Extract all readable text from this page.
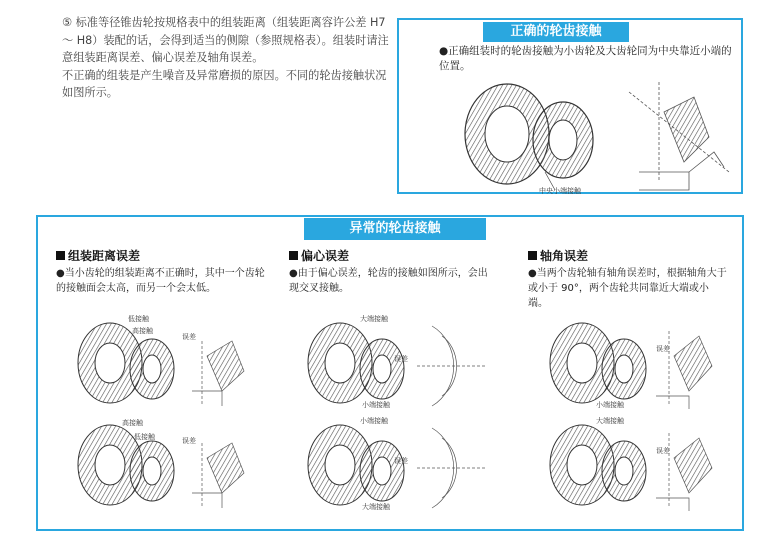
⑤ 标准等径锥齿轮按规格表中的组装距离（组装距离容许公差 H7 ～ H8）装配的话，会得到适当的侧隙（参照规格表）。组装时请注意组装距离误差、偏心误差及轴角误差。

不正确的组装是产生噪音及异常磨损的原因。不同的轮齿接触状况如图所示。

正确的轮齿接触
●正确组装时的轮齿接触为小齿轮及大齿轮同为中央靠近小端的位置。
中央小端接触
异常的轮齿接触
组装距离误差
●当小齿轮的组装距离不正确时，其中一个齿轮的接触面会太高，而另一个会太低。
偏心误差
●由于偏心误差，轮齿的接触如图所示，会出现交叉接触。
轴角误差
●当两个齿轮轴有轴角误差时，根据轴角大于或小于 90°，两个齿轮共同靠近大端或小端。
低接触
高接触
误差
高接触
低接触	误差
大端接触
误差
小端接触
小端接触
误差
大端接触
误差
小端接触
大端接触
误差
